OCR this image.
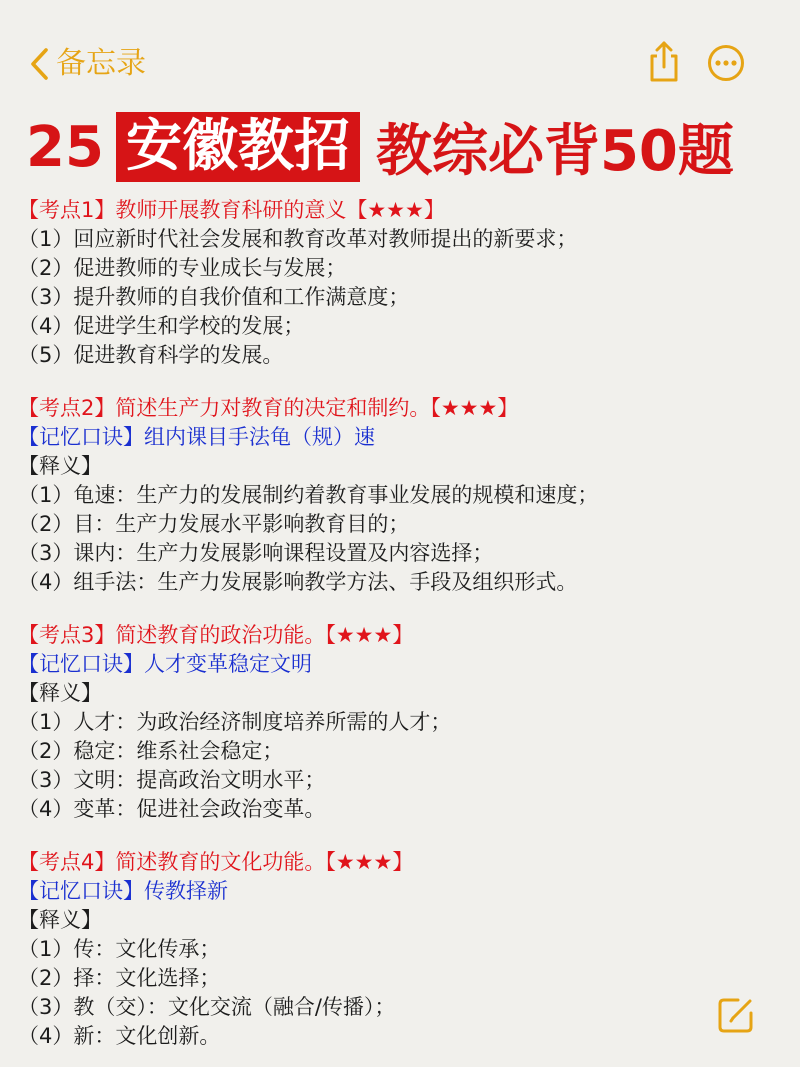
备忘录
25 安徽教招 教综必背50题
【考点1】教师开展教育科研的意义【★★★】
（1）回应新时代社会发展和教育改革对教师提出的新要求；
（2）促进教师的专业成长与发展；
（3）提升教师的自我价值和工作满意度；
（4）促进学生和学校的发展；
（5）促进教育科学的发展。
【考点2】简述生产力对教育的决定和制约。【★★★】
【记忆口诀】组内课目手法龟（规）速
【释义】
（1）龟速：生产力的发展制约着教育事业发展的规模和速度；
（2）目：生产力发展水平影响教育目的；
（3）课内：生产力发展影响课程设置及内容选择；
（4）组手法：生产力发展影响教学方法、手段及组织形式。
【考点3】简述教育的政治功能。【★★★】
【记忆口诀】人才变革稳定文明
【释义】
（1）人才：为政治经济制度培养所需的人才；
（2）稳定：维系社会稳定；
（3）文明：提高政治文明水平；
（4）变革：促进社会政治变革。
【考点4】简述教育的文化功能。【★★★】
【记忆口诀】传教择新
【释义】
（1）传：文化传承；
（2）择：文化选择；
（3）教（交）：文化交流（融合/传播）；
（4）新：文化创新。
